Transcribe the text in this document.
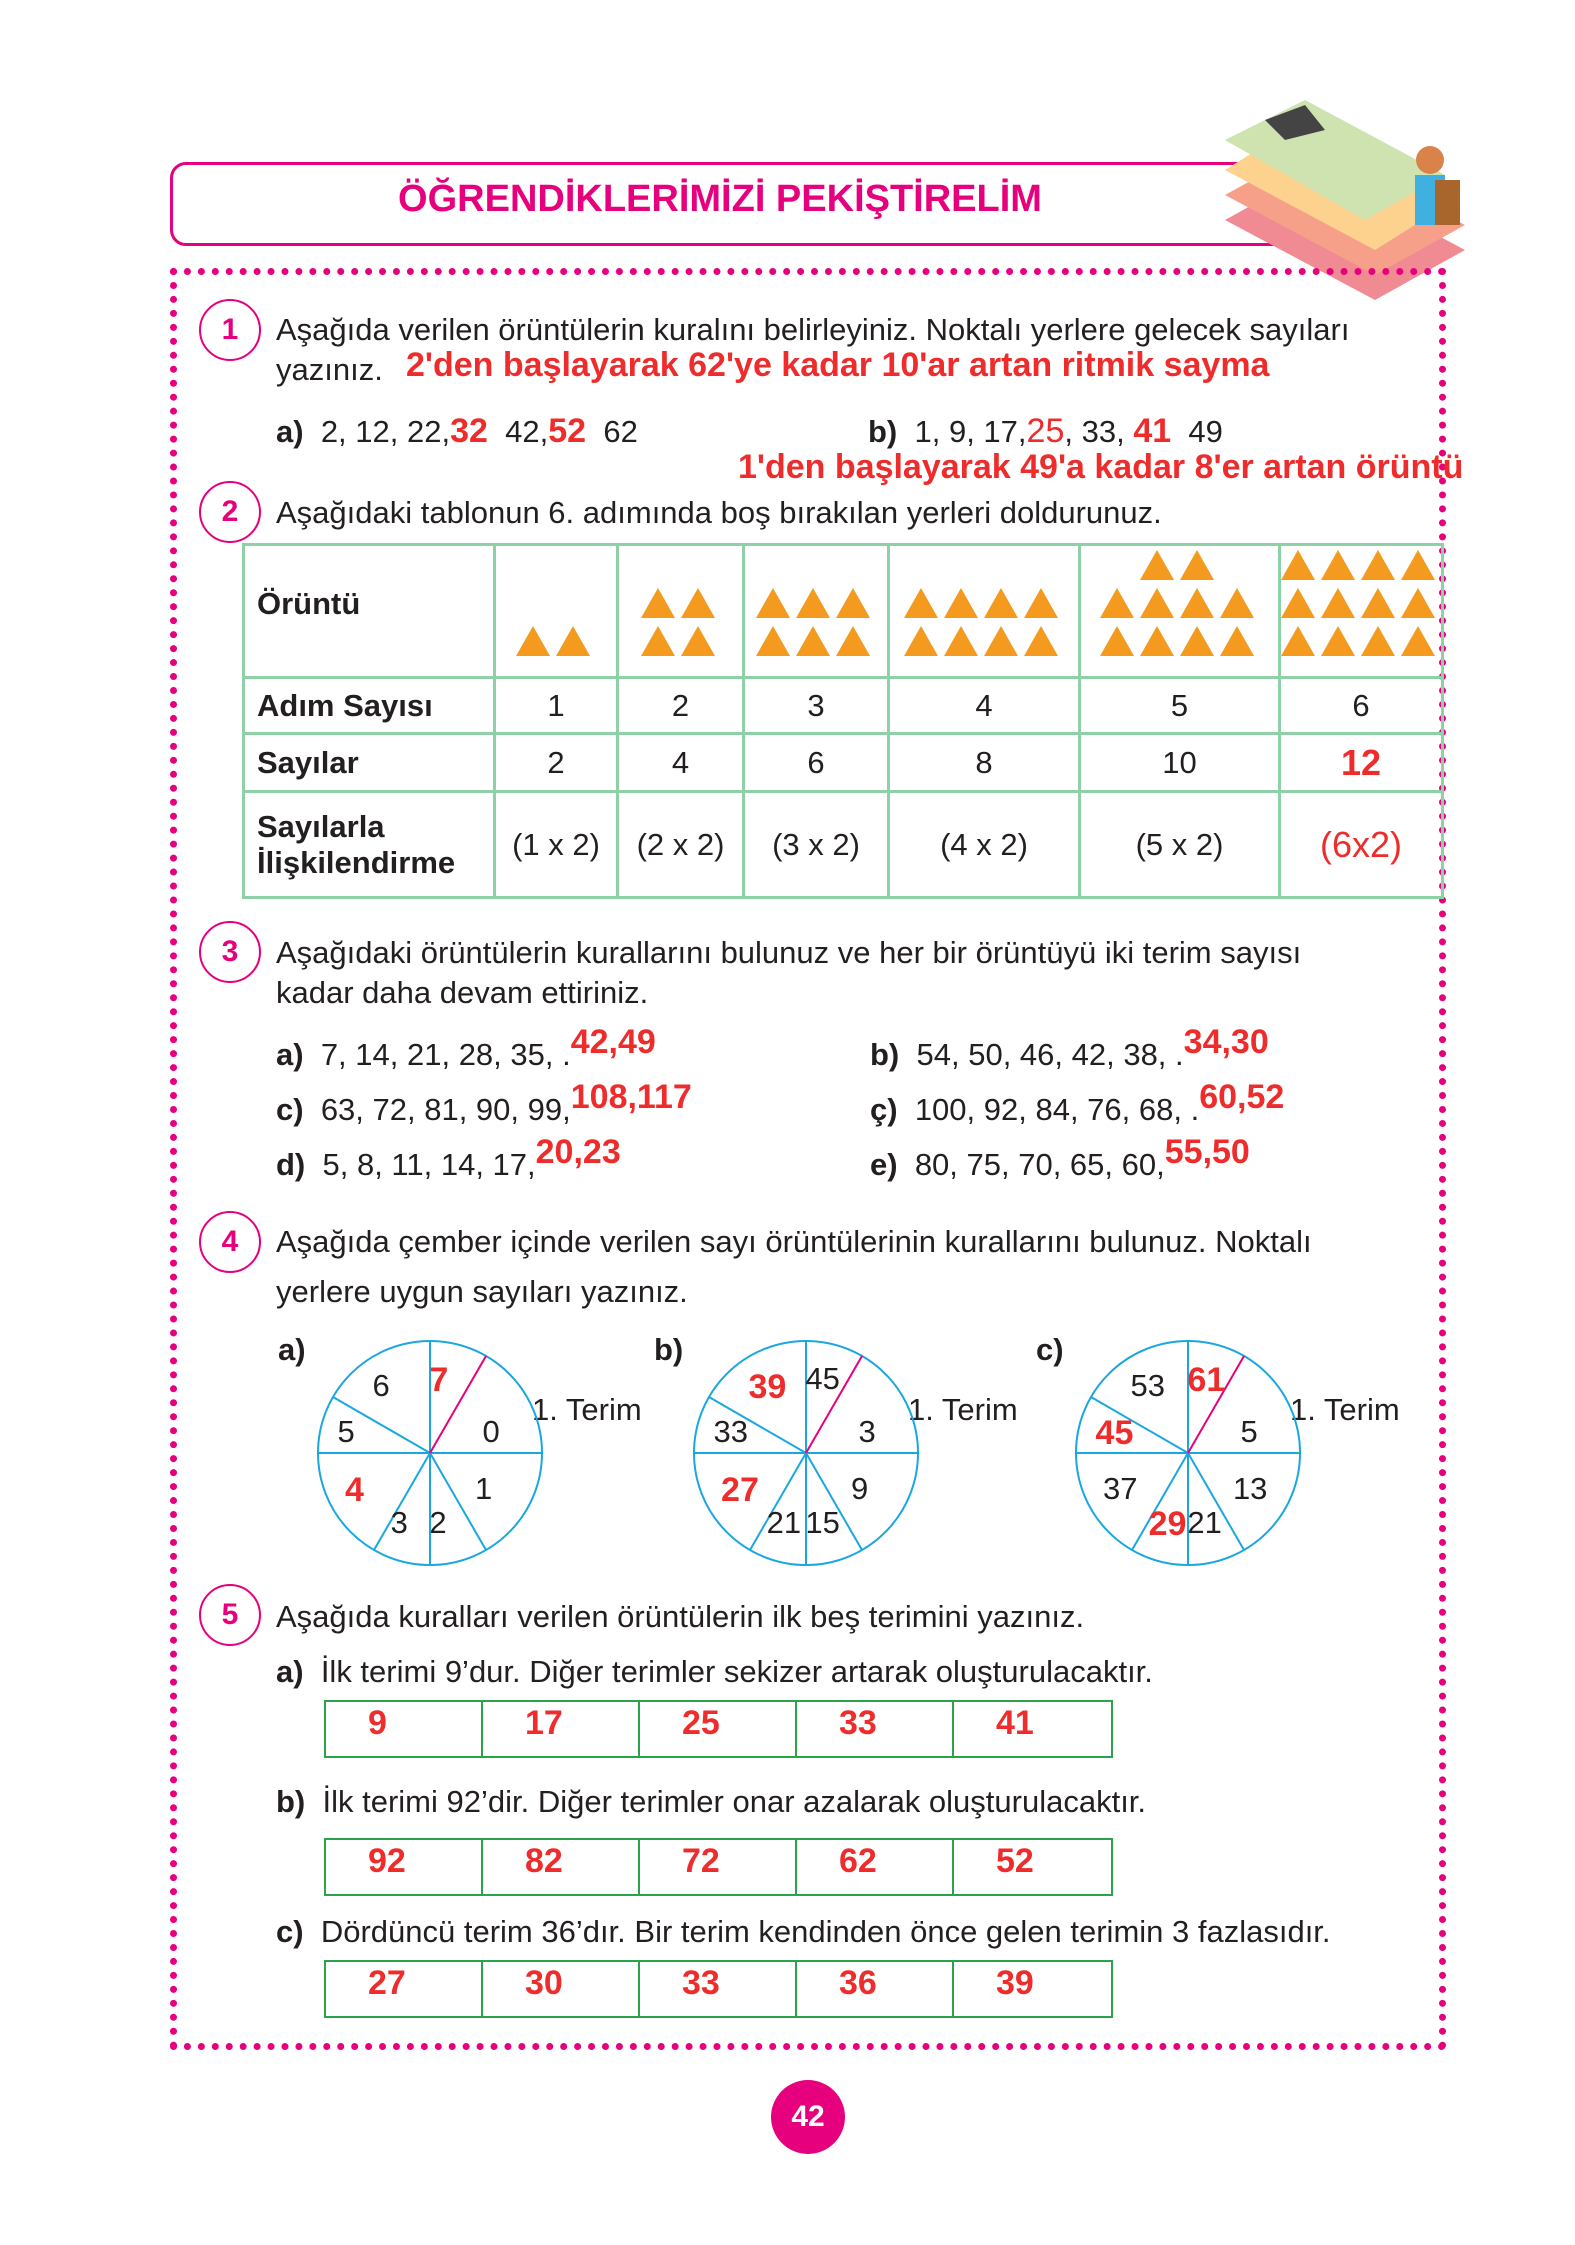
ÖĞRENDİKLERİMİZİ PEKİŞTİRELİM
1	Aşağıda verilen örüntülerin kuralını belirleyiniz. Noktalı yerlere gelecek sayıları
yazınız. 2'den başlayarak 62'ye kadar 10'ar artan ritmik sayma
a) 2, 12, 22,32 42,52 62	b) 1, 9, 17,25, 33, 41 49
1'den başlayarak 49'a kadar 8'er artan örüntü
2	Aşağıdaki tablonun 6. adımında boş bırakılan yerleri doldurunuz.
Örüntü	

Adım Sayısı	1	2	3	4	5	6
Sayılar	2	4	6	8	10	12
Sayılarla
İlişkilendirme	(1 x 2)	(2 x 2)	(3 x 2)	(4 x 2)	(5 x 2)	(6x2)
3	Aşağıdaki örüntülerin kurallarını bulunuz ve her bir örüntüyü iki terim sayısı
kadar daha devam ettiriniz.
a) 7, 14, 21, 28, 35, .42,49	b) 54, 50, 46, 42, 38, .34,30
c) 63, 72, 81, 90, 99,108,117	ç) 100, 92, 84, 76, 68, .60,52
d) 5, 8, 11, 14, 17,20,23	e) 80, 75, 70, 65, 60,55,50
4	Aşağıda çember içinde verilen sayı örüntülerinin kurallarını bulunuz. Noktalı
yerlere uygun sayıları yazınız.
a)
1. Terim
0
1
2
3
4
5
6 7
b)
1. Terim
3
9
15
21
27
33
39 45
c)
1. Terim
5
13
21
29
37
45
53 61
5	Aşağıda kuralları verilen örüntülerin ilk beş terimini yazınız.
a) İlk terimi 9’dur. Diğer terimler sekizer artarak oluşturulacaktır.
9	17	25	33	41
b) İlk terimi 92’dir. Diğer terimler onar azalarak oluşturulacaktır.
92	82	72	62	52
c) Dördüncü terim 36’dır. Bir terim kendinden önce gelen terimin 3 fazlasıdır.
27	30	33	36	39
42
